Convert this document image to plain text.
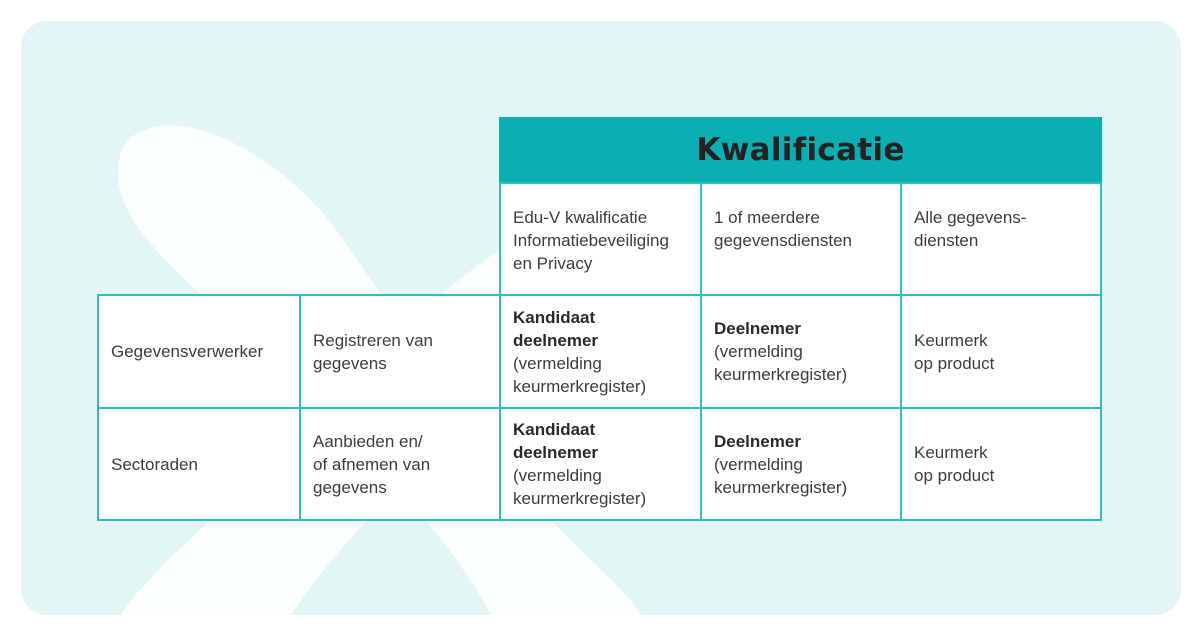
Kwalificatie
Edu-V kwalificatie
Informatiebeveiliging
en Privacy
1 of meerdere
gegevensdiensten
Alle gegevens-
diensten
Gegevensverwerker
Registreren van
gegevens
Kandidaat
deelnemer
(vermelding
keurmerkregister)
Deelnemer
(vermelding
keurmerkregister)
Keurmerk
op product
Sectoraden
Aanbieden en/
of afnemen van
gegevens
Kandidaat
deelnemer
(vermelding
keurmerkregister)
Deelnemer
(vermelding
keurmerkregister)
Keurmerk
op product
